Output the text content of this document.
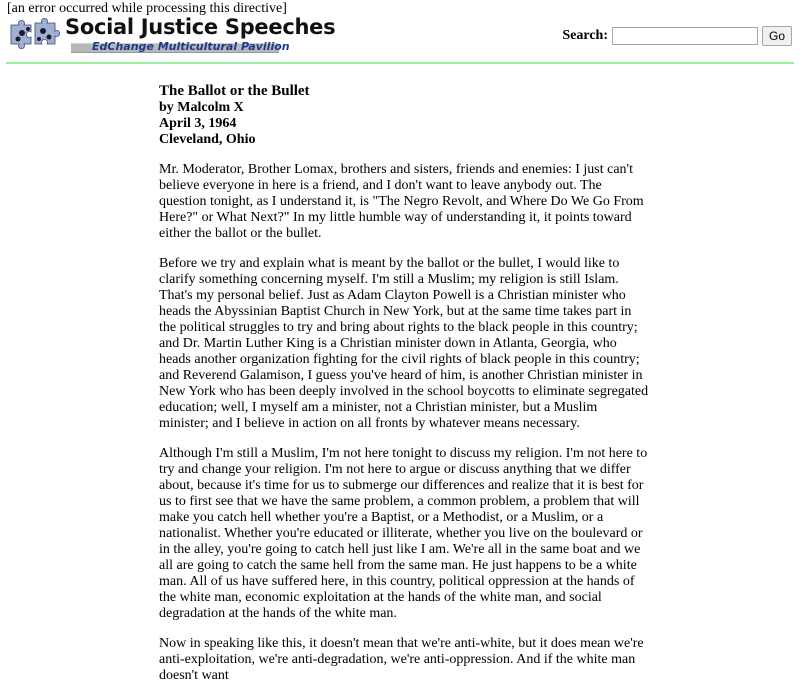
[an error occurred while processing this directive]
Social Justice Speeches
EdChange Multicultural Pavilion
Search:	Go
The Ballot or the Bullet
by Malcolm X
April 3, 1964
Cleveland, Ohio

Mr. Moderator, Brother Lomax, brothers and sisters, friends and enemies: I just can't believe everyone in here is a friend, and I don't want to leave anybody out. The question tonight, as I understand it, is "The Negro Revolt, and Where Do We Go From Here?" or What Next?" In my little humble way of understanding it, it points toward either the ballot or the bullet.

Before we try and explain what is meant by the ballot or the bullet, I would like to clarify something concerning myself. I'm still a Muslim; my religion is still Islam. That's my personal belief. Just as Adam Clayton Powell is a Christian minister who heads the Abyssinian Baptist Church in New York, but at the same time takes part in the political struggles to try and bring about rights to the black people in this country; and Dr. Martin Luther King is a Christian minister down in Atlanta, Georgia, who heads another organization fighting for the civil rights of black people in this country; and Reverend Galamison, I guess you've heard of him, is another Christian minister in New York who has been deeply involved in the school boycotts to eliminate segregated education; well, I myself am a minister, not a Christian minister, but a Muslim minister; and I believe in action on all fronts by whatever means necessary.

Although I'm still a Muslim, I'm not here tonight to discuss my religion. I'm not here to try and change your religion. I'm not here to argue or discuss anything that we differ about, because it's time for us to submerge our differences and realize that it is best for us to first see that we have the same problem, a common problem, a problem that will make you catch hell whether you're a Baptist, or a Methodist, or a Muslim, or a nationalist. Whether you're educated or illiterate, whether you live on the boulevard or in the alley, you're going to catch hell just like I am. We're all in the same boat and we all are going to catch the same hell from the same man. He just happens to be a white man. All of us have suffered here, in this country, political oppression at the hands of the white man, economic exploitation at the hands of the white man, and social degradation at the hands of the white man.

Now in speaking like this, it doesn't mean that we're anti-white, but it does mean we're anti-exploitation, we're anti-degradation, we're anti-oppression. And if the white man doesn't want
